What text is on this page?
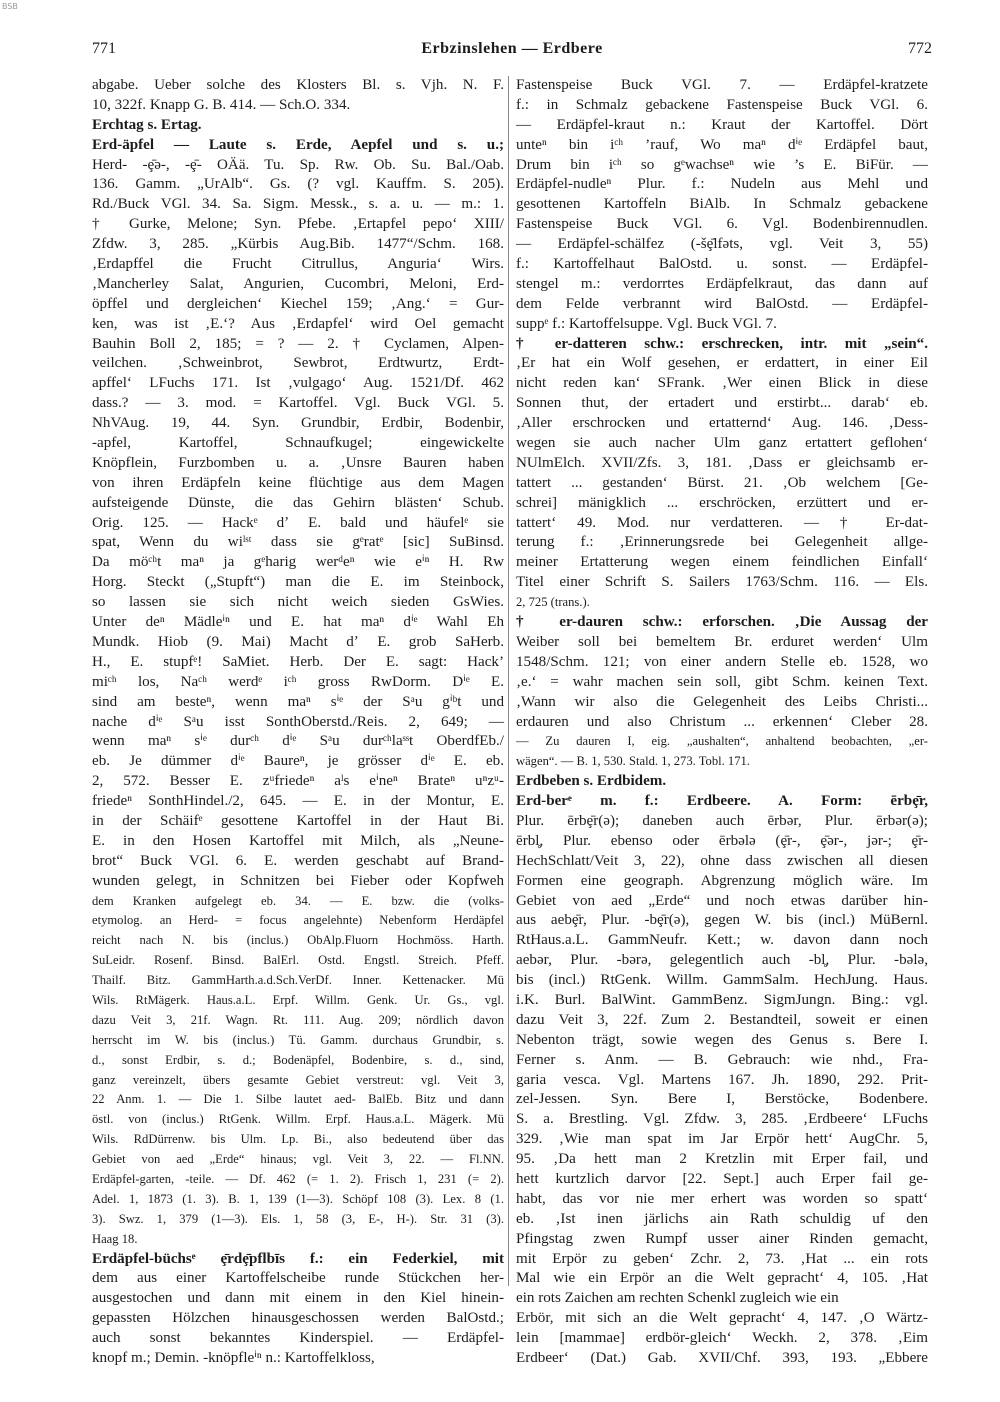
BSB
771	Erbzinslehen — Erdbere	772
abgabe. Ueber solche des Klosters Bl. s. Vjh. N. F.
10, 322f. Knapp G. B. 414. — Sch.O. 334.
Erchtag s. Ertag.
Erd-äpfel — Laute s. Erde, Aepfel und s. u.;
Herd- -ȩ̄ə-, -ȩ̄- OÄä. Tu. Sp. Rw. Ob. Su. Bal./Oab.
136. Gamm. „UrAlb“. Gs. (? vgl. Kauffm. S. 205).
Rd./Buck VGl. 34. Sa. Sigm. Messk., s. a. u. — m.: 1.
† Gurke, Melone; Syn. Pfebe. ‚Ertapfel pepo‘ XIII/
Zfdw. 3, 285. „Kürbis Aug.Bib. 1477“/Schm. 168.
‚Erdapffel die Frucht Citrullus, Anguria‘ Wirs.
‚Mancherley Salat, Angurien, Cucombri, Meloni, Erd-
öpffel und dergleichen‘ Kiechel 159; ‚Ang.‘ = Gur-
ken, was ist ‚E.‘? Aus ‚Erdapfel‘ wird Oel gemacht
Bauhin Boll 2, 185; = ? — 2. † Cyclamen, Alpen-
veilchen. ‚Schweinbrot, Sewbrot, Erdtwurtz, Erdt-
apffel‘ LFuchs 171. Ist ‚vulgago‘ Aug. 1521/Df. 462
dass.? — 3. mod. = Kartoffel. Vgl. Buck VGl. 5.
NhVAug. 19, 44. Syn. Grundbir, Erdbir, Bodenbir,
-apfel, Kartoffel, Schnaufkugel; eingewickelte
Knöpflein, Furzbomben u. a. ‚Unsre Bauren haben
von ihren Erdäpfeln keine flüchtige aus dem Magen
aufsteigende Dünste, die das Gehirn blästen‘ Schub.
Orig. 125. — Hackᵉ dʼ E. bald und häufelᵉ sie
spat, Wenn du wiˡˢᵗ dass sie gᵉratᵉ [sic] SuBinsd.
Da möᶜʰt maⁿ ja gᵉharig werᵈeⁿ wie eⁱⁿ H. Rw
Horg. Steckt („Stupft“) man die E. im Steinbock,
so lassen sie sich nicht weich sieden GsWies.
Unter deⁿ Mädleⁱⁿ und E. hat maⁿ dⁱᵉ Wahl Eh
Mundk. Hiob (9. Mai) Macht dʼ E. grob SaHerb.
H., E. stupfᵉ! SaMiet. Herb. Der E. sagt: Hack’
miᶜʰ los, Naᶜʰ werdᵉ iᶜʰ gross RwDorm. Dⁱᵉ E.
sind am besteⁿ, wenn maⁿ sⁱᵉ der Sᵃu gⁱᵇt und
nache dⁱᵉ Sᵃu isst SonthOberstd./Reis. 2, 649; —
wenn maⁿ sⁱᵉ durᶜʰ dⁱᵉ Sᵃu durᶜʰlaˢˢt OberdfEb./
eb. Je dümmer dⁱᵉ Baureⁿ, je grösser dⁱᵉ E. eb.
2, 572. Besser E. zᵘfriedeⁿ aˡs eⁱneⁿ Brateⁿ uⁿzᵘ-
friedeⁿ SonthHindel./2, 645. — E. in der Montur, E.
in der Schäifᵉ gesottene Kartoffel in der Haut Bi.
E. in den Hosen Kartoffel mit Milch, als „Neune-
brot“ Buck VGl. 6. E. werden geschabt auf Brand-
wunden gelegt, in Schnitzen bei Fieber oder Kopfweh
dem Kranken aufgelegt eb. 34. — E. bzw. die (volks-
etymolog. an Herd- = focus angelehnte) Nebenform Herdäpfel
reicht nach N. bis (inclus.) ObAlp.Fluorn Hochmöss. Harth.
SuLeidr. Rosenf. Binsd. BalErl. Ostd. Engstl. Streich. Pfeff.
Thailf. Bitz. GammHarth.a.d.Sch.VerDf. Inner. Kettenacker. Mü
Wils. RtMägerk. Haus.a.L. Erpf. Willm. Genk. Ur. Gs., vgl.
dazu Veit 3, 21f. Wagn. Rt. 111. Aug. 209; nördlich davon
herrscht im W. bis (inclus.) Tü. Gamm. durchaus Grundbir, s.
d., sonst Erdbir, s. d.; Bodenäpfel, Bodenbire, s. d., sind,
ganz vereinzelt, übers gesamte Gebiet verstreut: vgl. Veit 3,
22 Anm. 1. — Die 1. Silbe lautet aed- BalEb. Bitz und dann
östl. von (inclus.) RtGenk. Willm. Erpf. Haus.a.L. Mägerk. Mü
Wils. RdDürrenw. bis Ulm. Lp. Bi., also bedeutend über das
Gebiet von aed „Erde“ hinaus; vgl. Veit 3, 22. — Fl.NN.
Erdäpfel-garten, -teile. — Df. 462 (= 1. 2). Frisch 1, 231 (= 2).
Adel. 1, 1873 (1. 3). B. 1, 139 (1—3). Schöpf 108 (3). Lex. 8 (1.
3). Swz. 1, 379 (1—3). Els. 1, 58 (3, E-, H-). Str. 31 (3).
Haag 18.
Erdäpfel-büchsᵉ ȩ̄rdȩ̄pflbīs f.: ein Federkiel, mit
dem aus einer Kartoffelscheibe runde Stückchen her-
ausgestochen und dann mit einem in den Kiel hinein-
gepassten Hölzchen hinausgeschossen werden BalOstd.;
auch sonst bekanntes Kinderspiel. — Erdäpfel-
knopf m.; Demin. -knöpfleⁱⁿ n.: Kartoffelkloss,
Fastenspeise Buck VGl. 7. — Erdäpfel-kratzete
f.: in Schmalz gebackene Fastenspeise Buck VGl. 6.
— Erdäpfel-kraut n.: Kraut der Kartoffel. Dört
unteⁿ bin iᶜʰ ’rauf, Wo maⁿ dⁱᵉ Erdäpfel baut,
Drum bin iᶜʰ so gᵉwachseⁿ wie ’s E. BiFür. —
Erdäpfel-nudleⁿ Plur. f.: Nudeln aus Mehl und
gesottenen Kartoffeln BiAlb. In Schmalz gebackene
Fastenspeise Buck VGl. 6. Vgl. Bodenbirennudlen.
— Erdäpfel-schälfez (-šȩ̄lfəts, vgl. Veit 3, 55)
f.: Kartoffelhaut BalOstd. u. sonst. — Erdäpfel-
stengel m.: verdorrtes Erdäpfelkraut, das dann auf
dem Felde verbrannt wird BalOstd. — Erdäpfel-
suppᵉ f.: Kartoffelsuppe. Vgl. Buck VGl. 7.
† er-datteren schw.: erschrecken, intr. mit „sein“.
‚Er hat ein Wolf gesehen, er erdattert, in einer Eil
nicht reden kan‘ SFrank. ‚Wer einen Blick in diese
Sonnen thut, der ertadert und erstirbt... darab‘ eb.
‚Aller erschrocken und ertatternd‘ Aug. 146. ‚Dess-
wegen sie auch nacher Ulm ganz ertattert geflohen‘
NUlmElch. XVII/Zfs. 3, 181. ‚Dass er gleichsamb er-
tattert ... gestanden‘ Bürst. 21. ‚Ob welchem [Ge-
schrei] mänigklich ... erschröcken, erzüttert und er-
tattert‘ 49. Mod. nur verdatteren. — † Er-dat-
terung f.: ‚Erinnerungsrede bei Gelegenheit allge-
meiner Ertatterung wegen einem feindlichen Einfall‘
Titel einer Schrift S. Sailers 1763/Schm. 116. — Els.
2, 725 (trans.).
† er-dauren schw.: erforschen. ‚Die Aussag der
Weiber soll bei bemeltem Br. erduret werden‘ Ulm
1548/Schm. 121; von einer andern Stelle eb. 1528, wo
‚e.‘ = wahr machen sein soll, gibt Schm. keinen Text.
‚Wann wir also die Gelegenheit des Leibs Christi...
erdauren und also Christum ... erkennen‘ Cleber 28.
— Zu dauren I, eig. „aushalten“, anhaltend beobachten, „er-
wägen“. — B. 1, 530. Stald. 1, 273. Tobl. 171.
Erdbeben s. Erdbidem.
Erd-berᵉ m. f.: Erdbeere. A. Form: ērbȩ̄r,
Plur. ērbȩ̄r(ə); daneben auch ērbər, Plur. ērbər(ə);
ērbl̥, Plur. ebenso oder ērbələ (ȩ̄r-, ȩ̄ər-, jər-; ȩ̄r-
HechSchlatt/Veit 3, 22), ohne dass zwischen all diesen
Formen eine geograph. Abgrenzung möglich wäre. Im
Gebiet von aed „Erde“ und noch etwas darüber hin-
aus aebȩ̄r, Plur. -bȩ̄r(ə), gegen W. bis (incl.) MüBernl.
RtHaus.a.L. GammNeufr. Kett.; w. davon dann noch
aebər, Plur. -bərə, gelegentlich auch -bl̥, Plur. -bələ,
bis (incl.) RtGenk. Willm. GammSalm. HechJung. Haus.
i.K. Burl. BalWint. GammBenz. SigmJungn. Bing.: vgl.
dazu Veit 3, 22f. Zum 2. Bestandteil, soweit er einen
Nebenton trägt, sowie wegen des Genus s. Bere I.
Ferner s. Anm. — B. Gebrauch: wie nhd., Fra-
garia vesca. Vgl. Martens 167. Jh. 1890, 292. Prit-
zel-Jessen. Syn. Bere I, Berstöcke, Bodenbere.
S. a. Brestling. Vgl. Zfdw. 3, 285. ‚Erdbeere‘ LFuchs
329. ‚Wie man spat im Jar Erpör hett‘ AugChr. 5,
95. ‚Da hett man 2 Kretzlin mit Erper fail, und
hett kurtzlich darvor [22. Sept.] auch Erper fail ge-
habt, das vor nie mer erhert was worden so spatt‘
eb. ‚Ist inen järlichs ain Rath schuldig uf den
Pfingstag zwen Rumpf usser ainer Rinden gemacht,
mit Erpör zu geben‘ Zchr. 2, 73. ‚Hat ... ein rots
Mal wie ein Erpör an die Welt gepracht‘ 4, 105. ‚Hat
ein rots Zaichen am rechten Schenkl zugleich wie ein
Erbör, mit sich an die Welt gepracht‘ 4, 147. ‚O Wärtz-
lein [mammae] erdbör-gleich‘ Weckh. 2, 378. ‚Eim
Erdbeer‘ (Dat.) Gab. XVII/Chf. 393, 193. „Ebbere
